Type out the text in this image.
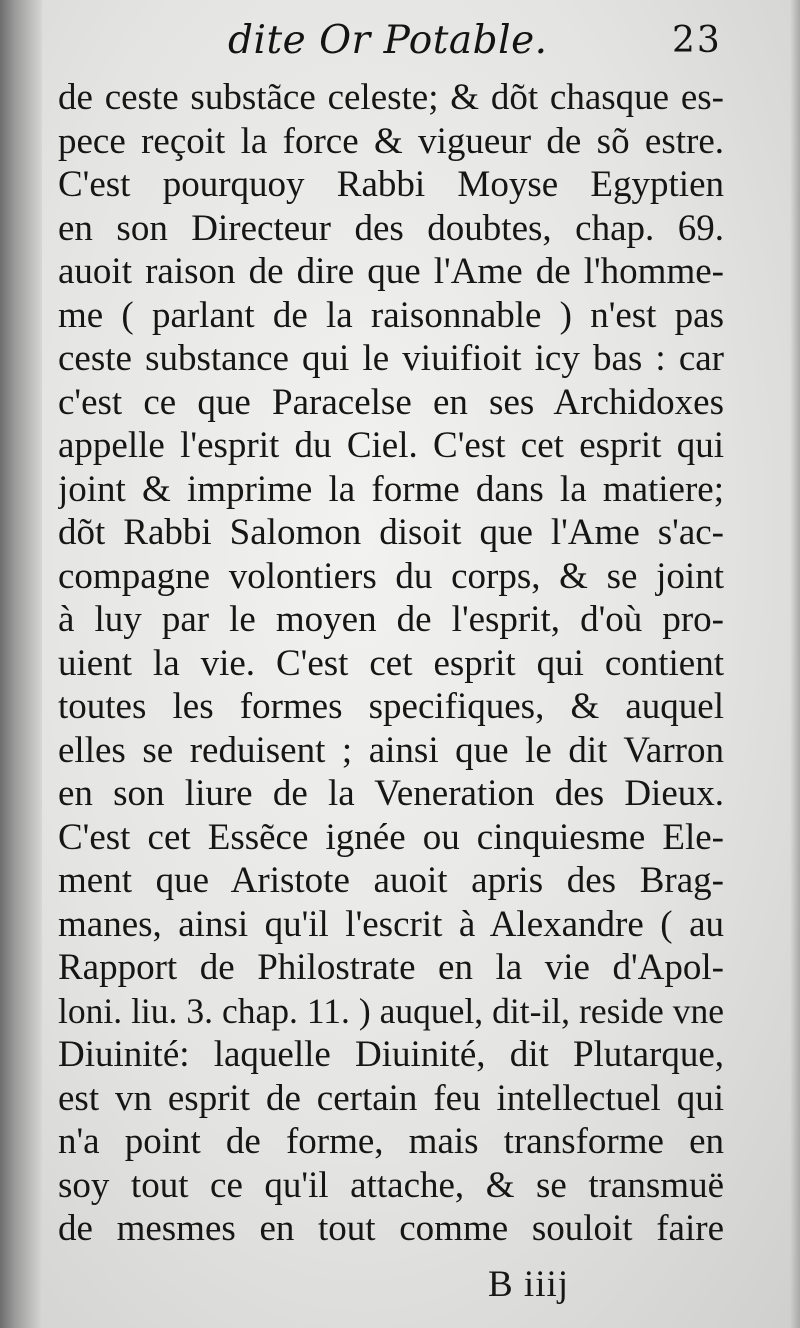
dite Or Potable.	23
de ceste substãce celeste; & dõt chasque es-
pece reçoit la force & vigueur de sõ estre.
C'est pourquoy Rabbi Moyse Egyptien
en son Directeur des doubtes, chap. 69.
auoit raison de dire que l'Ame de l'homme-
me ( parlant de la raisonnable ) n'est pas
ceste substance qui le viuifioit icy bas : car
c'est ce que Paracelse en ses Archidoxes
appelle l'esprit du Ciel. C'est cet esprit qui
joint & imprime la forme dans la matiere;
dõt Rabbi Salomon disoit que l'Ame s'ac-
compagne volontiers du corps, & se joint
à luy par le moyen de l'esprit, d'où pro-
uient la vie. C'est cet esprit qui contient
toutes les formes specifiques, & auquel
elles se reduisent ; ainsi que le dit Varron
en son liure de la Veneration des Dieux.
C'est cet Essẽce ignée ou cinquiesme Ele-
ment que Aristote auoit apris des Brag-
manes, ainsi qu'il l'escrit à Alexandre ( au
Rapport de Philostrate en la vie d'Apol-
loni. liu. 3. chap. 11. ) auquel, dit-il, reside vne
Diuinité: laquelle Diuinité, dit Plutarque,
est vn esprit de certain feu intellectuel qui
n'a point de forme, mais transforme en
soy tout ce qu'il attache, & se transmuë
de mesmes en tout comme souloit faire
B iiij
